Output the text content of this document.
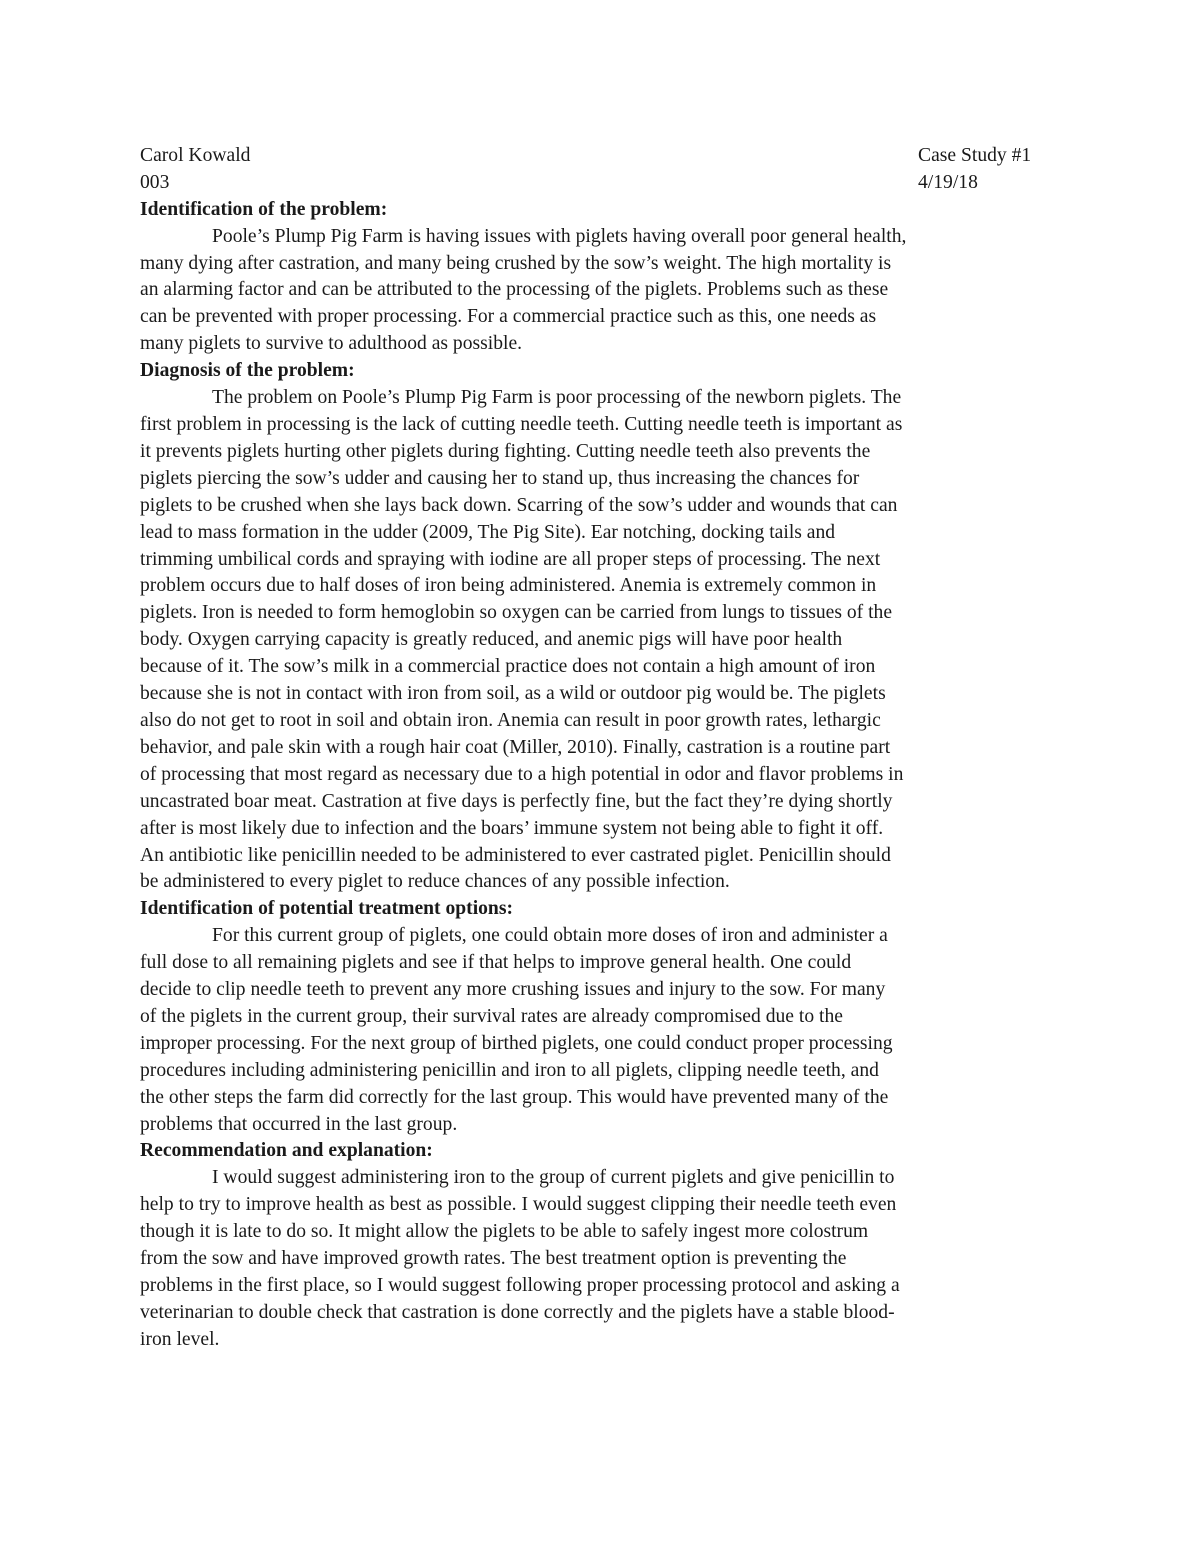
Carol Kowald	Case Study #1
003	4/19/18
Identification of the problem:
Poole’s Plump Pig Farm is having issues with piglets having overall poor general health,
many dying after castration, and many being crushed by the sow’s weight. The high mortality is
an alarming factor and can be attributed to the processing of the piglets. Problems such as these
can be prevented with proper processing. For a commercial practice such as this, one needs as
many piglets to survive to adulthood as possible.
Diagnosis of the problem:
The problem on Poole’s Plump Pig Farm is poor processing of the newborn piglets. The
first problem in processing is the lack of cutting needle teeth. Cutting needle teeth is important as
it prevents piglets hurting other piglets during fighting. Cutting needle teeth also prevents the
piglets piercing the sow’s udder and causing her to stand up, thus increasing the chances for
piglets to be crushed when she lays back down. Scarring of the sow’s udder and wounds that can
lead to mass formation in the udder (2009, The Pig Site). Ear notching, docking tails and
trimming umbilical cords and spraying with iodine are all proper steps of processing. The next
problem occurs due to half doses of iron being administered. Anemia is extremely common in
piglets. Iron is needed to form hemoglobin so oxygen can be carried from lungs to tissues of the
body. Oxygen carrying capacity is greatly reduced, and anemic pigs will have poor health
because of it. The sow’s milk in a commercial practice does not contain a high amount of iron
because she is not in contact with iron from soil, as a wild or outdoor pig would be. The piglets
also do not get to root in soil and obtain iron. Anemia can result in poor growth rates, lethargic
behavior, and pale skin with a rough hair coat (Miller, 2010). Finally, castration is a routine part
of processing that most regard as necessary due to a high potential in odor and flavor problems in
uncastrated boar meat. Castration at five days is perfectly fine, but the fact they’re dying shortly
after is most likely due to infection and the boars’ immune system not being able to fight it off.
An antibiotic like penicillin needed to be administered to ever castrated piglet. Penicillin should
be administered to every piglet to reduce chances of any possible infection.
Identification of potential treatment options:
For this current group of piglets, one could obtain more doses of iron and administer a
full dose to all remaining piglets and see if that helps to improve general health. One could
decide to clip needle teeth to prevent any more crushing issues and injury to the sow. For many
of the piglets in the current group, their survival rates are already compromised due to the
improper processing. For the next group of birthed piglets, one could conduct proper processing
procedures including administering penicillin and iron to all piglets, clipping needle teeth, and
the other steps the farm did correctly for the last group. This would have prevented many of the
problems that occurred in the last group.
Recommendation and explanation:
I would suggest administering iron to the group of current piglets and give penicillin to
help to try to improve health as best as possible. I would suggest clipping their needle teeth even
though it is late to do so. It might allow the piglets to be able to safely ingest more colostrum
from the sow and have improved growth rates. The best treatment option is preventing the
problems in the first place, so I would suggest following proper processing protocol and asking a
veterinarian to double check that castration is done correctly and the piglets have a stable blood-
iron level.
